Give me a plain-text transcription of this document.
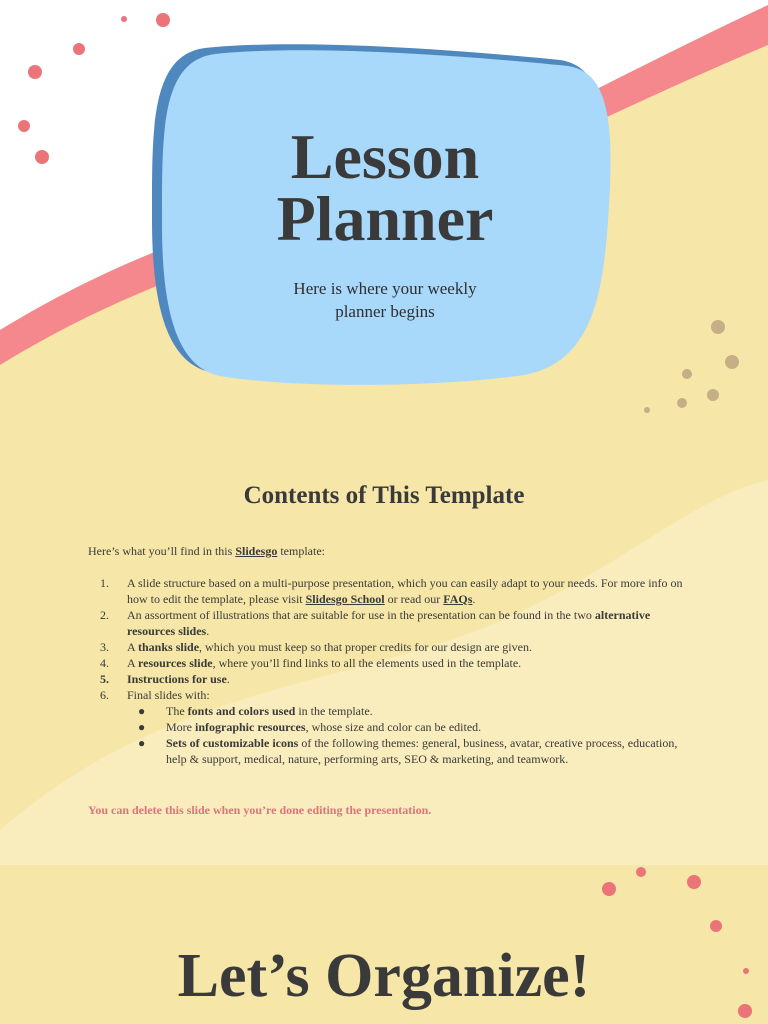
Lesson
Planner
Here is where your weekly
planner begins
Contents of This Template
Here’s what you’ll find in this Slidesgo template:
1.	A slide structure based on a multi-purpose presentation, which you can easily adapt to your needs. For more info on how to edit the template, please visit Slidesgo School or read our FAQs.
2.	An assortment of illustrations that are suitable for use in the presentation can be found in the two alternative resources slides.
3.	A thanks slide, which you must keep so that proper credits for our design are given.
4.	A resources slide, where you’ll find links to all the elements used in the template.
5.	Instructions for use.
6.	Final slides with:
●	The fonts and colors used in the template.
●	More infographic resources, whose size and color can be edited.
●	Sets of customizable icons of the following themes: general, business, avatar, creative process, education, help & support, medical, nature, performing arts, SEO & marketing, and teamwork.
You can delete this slide when you’re done editing the presentation.
Let’s Organize!
